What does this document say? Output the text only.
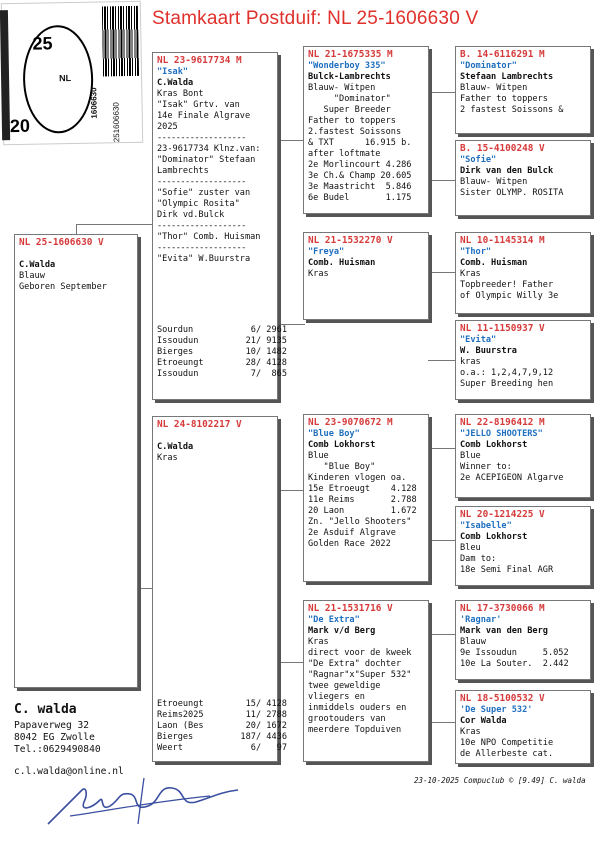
Stamkaart Postduif: NL 25-1606630 V
25
20
NL
251606630
1606630
NL 25-1606630 V
C.Walda
Blauw
Geboren September
NL 23-9617734 M
"Isak"
C.Walda
Kras Bont
"Isak" Grtv. van
14e Finale Algrave
2025
-------------------
23-9617734 Klnz.van:
"Dominator" Stefaan
Lambrechts
-------------------
"Sofie" zuster van
"Olympic Rosita"
Dirk vd.Bulck
-------------------
"Thor" Comb. Huisman
-------------------
"Evita" W.Buurstra
Sourdun	6/ 2961
Issoudun	21/ 9135
Bierges	10/ 1482
Etroeungt	28/ 4128
Issoudun	7/  865
NL 24-8102217 V
C.Walda
Kras
Etroeungt	15/ 4128
Reims2025	11/ 2788
Laon (Bes	20/ 1672
Bierges	187/ 4436
Weert	6/   97
NL 21-1675335 M
"Wonderboy 335"
Bulck-Lambrechts
Blauw- Witpen
"Dominator"
Super Breeder
Father to toppers
2.fastest Soissons
& TXT      16.915 b.
after loftmate
2e Morlincourt 4.286
3e Ch.& Champ 20.605
3e Maastricht  5.846
6e Budel       1.175
NL 21-1532270 V
"Freya"
Comb. Huisman
Kras
NL 23-9070672 M
"Blue Boy"
Comb Lokhorst
Blue
"Blue Boy"
Kinderen vlogen oa.
15e Etroeugt    4.128
11e Reims       2.788
20 Laon         1.672
Zn. "Jello Shooters"
2e Asduif Algrave
Golden Race 2022
NL 21-1531716 V
"De Extra"
Mark v/d Berg
Kras
direct voor de kweek
"De Extra" dochter
"Ragnar"x"Super 532"
twee geweldige
vliegers en
inmiddels ouders en
grootouders van
meerdere Topduiven
B. 14-6116291 M
"Dominator"
Stefaan Lambrechts
Blauw- Witpen
Father to toppers
2 fastest Soissons &
B. 15-4100248 V
"Sofie"
Dirk van den Bulck
Blauw- Witpen
Sister OLYMP. ROSITA
NL 10-1145314 M
"Thor"
Comb. Huisman
Kras
Topbreeder! Father
of Olympic Willy 3e
NL 11-1150937 V
"Evita"
W. Buurstra
kras
o.a.: 1,2,4,7,9,12
Super Breeding hen
NL 22-8196412 M
"JELLO SHOOTERS"
Comb Lokhorst
Blue
Winner to:
2e ACEPIGEON Algarve
NL 20-1214225 V
"Isabelle"
Comb Lokhorst
Bleu
Dam to:
18e Semi Final AGR
NL 17-3730066 M
'Ragnar'
Mark van den Berg
Blauw
9e Issoudun     5.052
10e La Souter.  2.442
NL 18-5100532 V
'De Super 532'
Cor Walda
Kras
10e NPO Competitie
de Allerbeste cat.
C. walda
Papaverweg 32
8042 EG Zwolle
Tel.:0629490840
c.l.walda@online.nl
23-10-2025 Compuclub © [9.49] C. walda
